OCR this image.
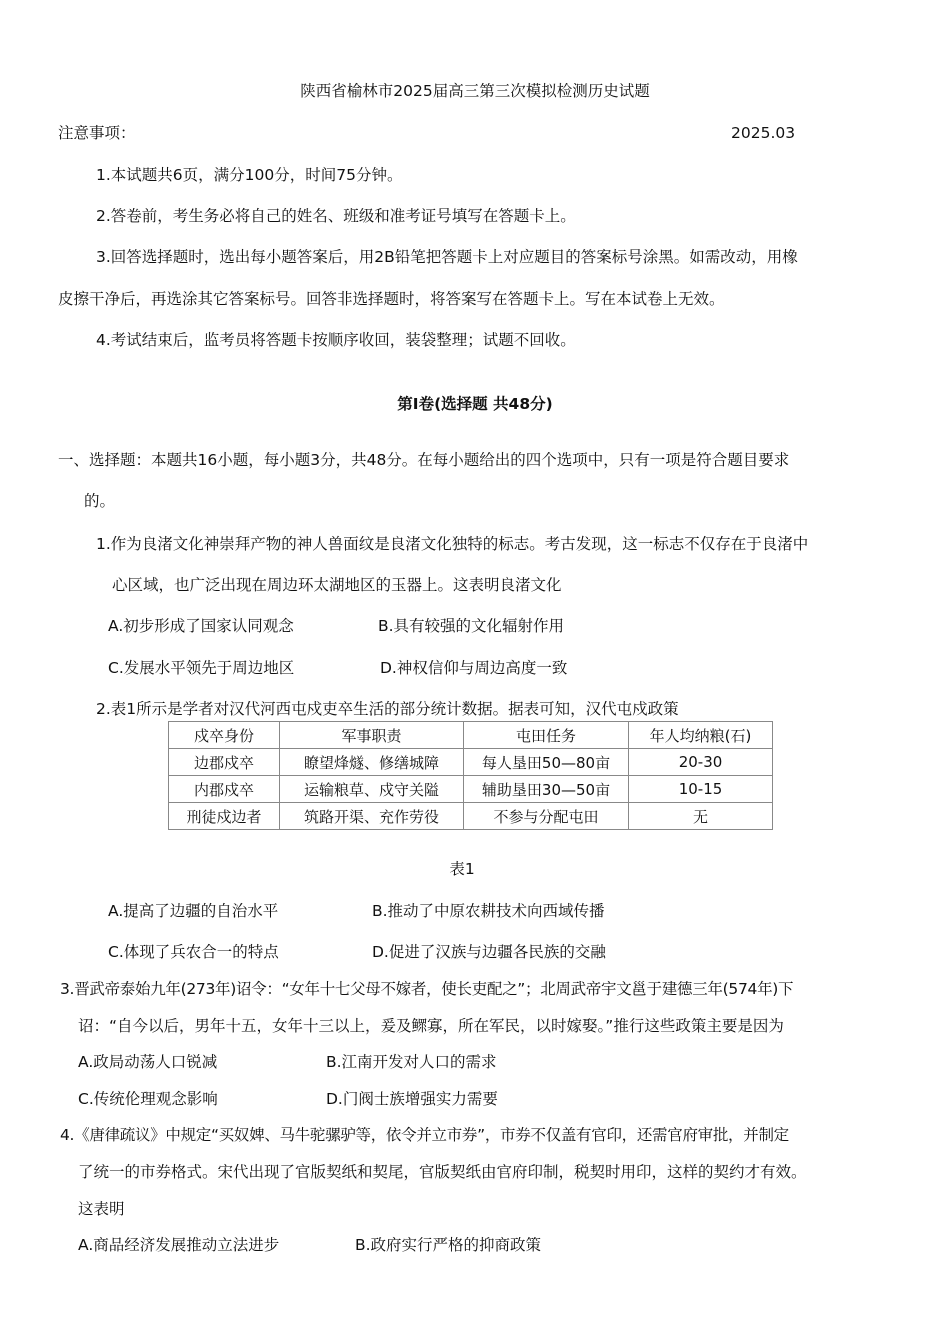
陕西省榆林市2025届高三第三次模拟检测历史试题
注意事项：	2025.03
1.本试题共6页，满分100分，时间75分钟。
2.答卷前，考生务必将自己的姓名、班级和准考证号填写在答题卡上。
3.回答选择题时，选出每小题答案后，用2B铅笔把答题卡上对应题目的答案标号涂黑。如需改动，用橡
皮擦干净后，再选涂其它答案标号。回答非选择题时，将答案写在答题卡上。写在本试卷上无效。
4.考试结束后，监考员将答题卡按顺序收回，装袋整理；试题不回收。
第Ⅰ卷(选择题 共48分)
一、选择题：本题共16小题，每小题3分，共48分。在每小题给出的四个选项中，只有一项是符合题目要求
的。
1.作为良渚文化神崇拜产物的神人兽面纹是良渚文化独特的标志。考古发现，这一标志不仅存在于良渚中
心区域，也广泛出现在周边环太湖地区的玉器上。这表明良渚文化
A.初步形成了国家认同观念	B.具有较强的文化辐射作用
C.发展水平领先于周边地区	D.神权信仰与周边高度一致
2.表1所示是学者对汉代河西屯戍吏卒生活的部分统计数据。据表可知，汉代屯戍政策
戍卒身份	军事职责	屯田任务	年人均纳粮(石)
边郡戍卒	瞭望烽燧、修缮城障	每人垦田50—80亩	20-30
内郡戍卒	运输粮草、戍守关隘	辅助垦田30—50亩	10-15
刑徒戍边者	筑路开渠、充作劳役	不参与分配屯田	无
表1
A.提高了边疆的自治水平	B.推动了中原农耕技术向西域传播
C.体现了兵农合一的特点	D.促进了汉族与边疆各民族的交融
3.晋武帝泰始九年(273年)诏令：“女年十七父母不嫁者，使长吏配之”；北周武帝宇文邕于建德三年(574年)下
诏：“自今以后，男年十五，女年十三以上，爰及鳏寡，所在军民，以时嫁娶。”推行这些政策主要是因为
A.政局动荡人口锐减	B.江南开发对人口的需求
C.传统伦理观念影响	D.门阀士族增强实力需要
4.《唐律疏议》中规定“买奴婢、马牛驼骡驴等，依令并立市券”，市券不仅盖有官印，还需官府审批，并制定
了统一的市券格式。宋代出现了官版契纸和契尾，官版契纸由官府印制，税契时用印，这样的契约才有效。
这表明
A.商品经济发展推动立法进步	B.政府实行严格的抑商政策
